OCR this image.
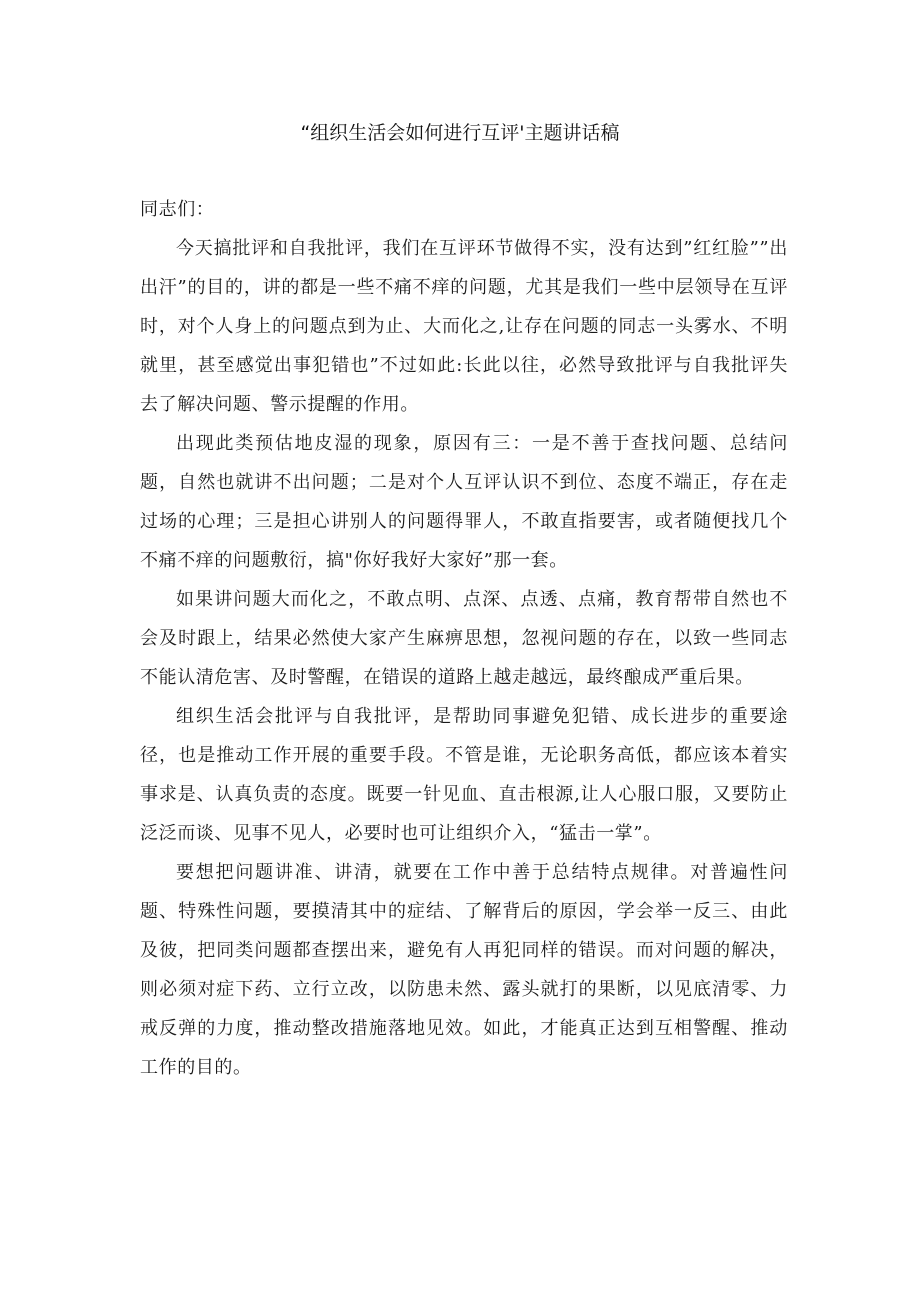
“组织生活会如何进行互评'主题讲话稿

同志们：

今天搞批评和自我批评，我们在互评环节做得不实，没有达到”红红脸””出出汗”的目的，讲的都是一些不痛不痒的问题，尤其是我们一些中层领导在互评时，对个人身上的问题点到为止、大而化之,让存在问题的同志一头雾水、不明就里，甚至感觉出事犯错也”不过如此:长此以往，必然导致批评与自我批评失去了解决问题、警示提醒的作用。

出现此类预估地皮湿的现象，原因有三：一是不善于查找问题、总结问题，自然也就讲不出问题；二是对个人互评认识不到位、态度不端正，存在走过场的心理；三是担心讲别人的问题得罪人，不敢直指要害，或者随便找几个不痛不痒的问题敷衍，搞"你好我好大家好”那一套。

如果讲问题大而化之，不敢点明、点深、点透、点痛，教育帮带自然也不会及时跟上，结果必然使大家产生麻痹思想，忽视问题的存在，以致一些同志不能认清危害、及时警醒，在错误的道路上越走越远，最终酿成严重后果。

组织生活会批评与自我批评，是帮助同事避免犯错、成长进步的重要途径，也是推动工作开展的重要手段。不管是谁，无论职务高低，都应该本着实事求是、认真负责的态度。既要一针见血、直击根源,让人心服口服，又要防止泛泛而谈、见事不见人，必要时也可让组织介入，“猛击一掌”。

要想把问题讲准、讲清，就要在工作中善于总结特点规律。对普遍性问题、特殊性问题，要摸清其中的症结、了解背后的原因，学会举一反三、由此及彼，把同类问题都查摆出来，避免有人再犯同样的错误。而对问题的解决，则必须对症下药、立行立改，以防患未然、露头就打的果断，以见底清零、力戒反弹的力度，推动整改措施落地见效。如此，才能真正达到互相警醒、推动工作的目的。
